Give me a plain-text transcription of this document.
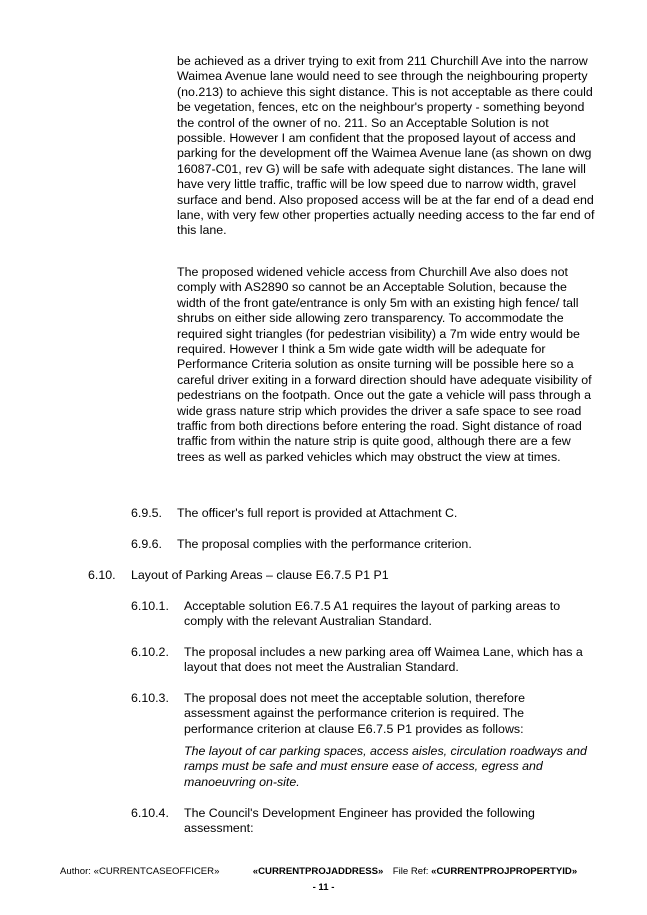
be achieved as a driver trying to exit from 211 Churchill Ave into the narrow Waimea Avenue lane would need to see through the neighbouring property (no.213) to achieve this sight distance. This is not acceptable as there could be vegetation, fences, etc on the neighbour's property - something beyond the control of the owner of no. 211. So an Acceptable Solution is not possible. However I am confident that the proposed layout of access and parking for the development off the Waimea Avenue lane (as shown on dwg 16087-C01, rev G) will be safe with adequate sight distances. The lane will have very little traffic, traffic will be low speed due to narrow width, gravel surface and bend. Also proposed access will be at the far end of a dead end lane, with very few other properties actually needing access to the far end of this lane.

The proposed widened vehicle access from Churchill Ave also does not comply with AS2890 so cannot be an Acceptable Solution, because the width of the front gate/entrance is only 5m with an existing high fence/ tall shrubs on either side allowing zero transparency. To accommodate the required sight triangles (for pedestrian visibility) a 7m wide entry would be required. However I think a 5m wide gate width will be adequate for Performance Criteria solution as onsite turning will be possible here so a careful driver exiting in a forward direction should have adequate visibility of pedestrians on the footpath. Once out the gate a vehicle will pass through a wide grass nature strip which provides the driver a safe space to see road traffic from both directions before entering the road. Sight distance of road traffic from within the nature strip is quite good, although there are a few trees as well as parked vehicles which may obstruct the view at times.

6.9.5. The officer's full report is provided at Attachment C.

6.9.6. The proposal complies with the performance criterion.

6.10. Layout of Parking Areas – clause E6.7.5 P1 P1

6.10.1. Acceptable solution E6.7.5 A1 requires the layout of parking areas to comply with the relevant Australian Standard.

6.10.2. The proposal includes a new parking area off Waimea Lane, which has a layout that does not meet the Australian Standard.

6.10.3. The proposal does not meet the acceptable solution, therefore assessment against the performance criterion is required. The performance criterion at clause E6.7.5 P1 provides as follows:

The layout of car parking spaces, access aisles, circulation roadways and ramps must be safe and must ensure ease of access, egress and manoeuvring on-site.

6.10.4. The Council's Development Engineer has provided the following assessment:

Author: «CURRENTCASEOFFICER»	«CURRENTPROJADDRESS» File Ref: «CURRENTPROJPROPERTYID»
- 11 -
